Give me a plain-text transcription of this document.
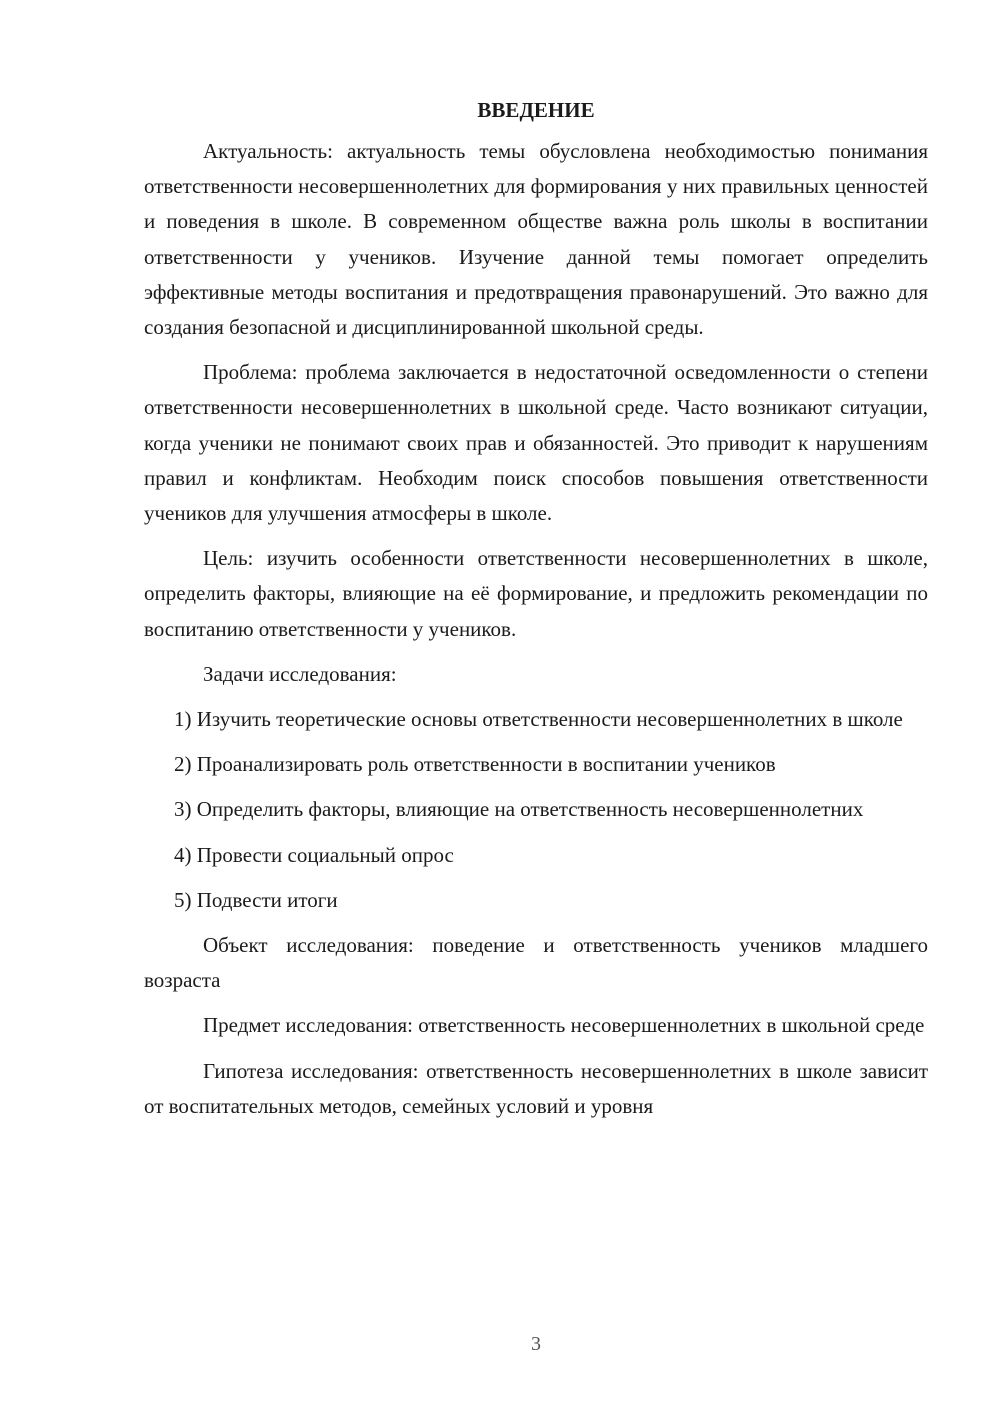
ВВЕДЕНИЕ

Актуальность: актуальность темы обусловлена необходимостью понимания ответственности несовершеннолетних для формирования у них правильных ценностей и поведения в школе. В современном обществе важна роль школы в воспитании ответственности у учеников. Изучение данной темы помогает определить эффективные методы воспитания и предотвращения правонарушений. Это важно для создания безопасной и дисциплинированной школьной среды.

Проблема: проблема заключается в недостаточной осведомленности о степени ответственности несовершеннолетних в школьной среде. Часто возникают ситуации, когда ученики не понимают своих прав и обязанностей. Это приводит к нарушениям правил и конфликтам. Необходим поиск способов повышения ответственности учеников для улучшения атмосферы в школе.

Цель: изучить особенности ответственности несовершеннолетних в школе, определить факторы, влияющие на её формирование, и предложить рекомендации по воспитанию ответственности у учеников.

Задачи исследования:

1) Изучить теоретические основы ответственности несовершеннолетних в школе

2) Проанализировать роль ответственности в воспитании учеников

3) Определить факторы, влияющие на ответственность несовершеннолетних

4) Провести социальный опрос

5) Подвести итоги

Объект исследования: поведение и ответственность учеников младшего возраста

Предмет исследования: ответственность несовершеннолетних в школьной среде

Гипотеза исследования: ответственность несовершеннолетних в школе зависит от воспитательных методов, семейных условий и уровня

3
